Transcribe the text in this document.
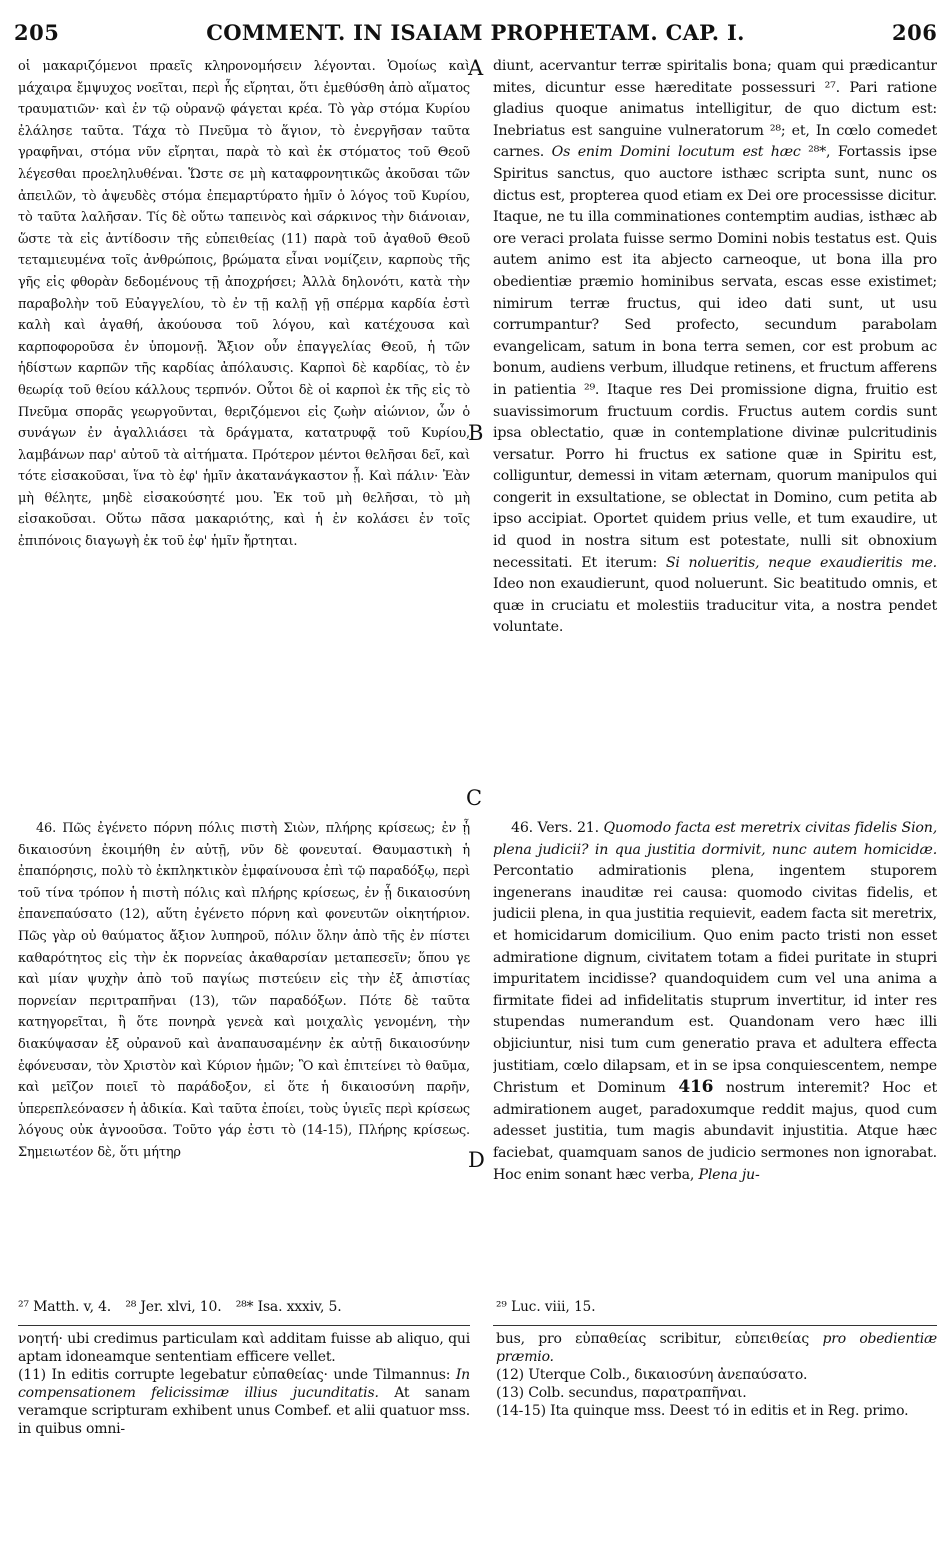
205	COMMENT. IN ISAIAM PROPHETAM. CAP. I.	206

οἱ μακαριζόμενοι πραεῖς κληρονομήσειν λέγονται. Ὁμοίως καὶ μάχαιρα ἔμψυχος νοεῖται, περὶ ἧς εἴρηται, ὅτι ἐμεθύσθη ἀπὸ αἵματος τραυματιῶν· καὶ ἐν τῷ οὐρανῷ φάγεται κρέα. Τὸ γὰρ στόμα Κυρίου ἐλάλησε ταῦτα. Τάχα τὸ Πνεῦμα τὸ ἅγιον, τὸ ἐνεργῆσαν ταῦτα γραφῆναι, στόμα νῦν εἴρηται, παρὰ τὸ καὶ ἐκ στόματος τοῦ Θεοῦ λέγεσθαι προεληλυθέναι. Ὥστε σε μὴ καταφρονητικῶς ἀκοῦσαι τῶν ἀπειλῶν, τὸ ἀψευδὲς στόμα ἐπεμαρτύρατο ἡμῖν ὁ λόγος τοῦ Κυρίου, τὸ ταῦτα λαλῆσαν. Τίς δὲ οὕτω ταπεινὸς καὶ σάρκινος τὴν διάνοιαν, ὥστε τὰ εἰς ἀντίδοσιν τῆς εὐπειθείας (11) παρὰ τοῦ ἀγαθοῦ Θεοῦ τεταμιευμένα τοῖς ἀνθρώποις, βρώματα εἶναι νομίζειν, καρποὺς τῆς γῆς εἰς φθορὰν δεδομένους τῇ ἀποχρήσει; Ἀλλὰ δηλονότι, κατὰ τὴν παραβολὴν τοῦ Εὐαγγελίου, τὸ ἐν τῇ καλῇ γῇ σπέρμα καρδία ἐστὶ καλὴ καὶ ἀγαθή, ἀκούουσα τοῦ λόγου, καὶ κατέχουσα καὶ καρποφοροῦσα ἐν ὑπομονῇ. Ἄξιον οὖν ἐπαγγελίας Θεοῦ, ἡ τῶν ἡδίστων καρπῶν τῆς καρδίας ἀπόλαυσις. Καρποὶ δὲ καρδίας, τὸ ἐν θεωρίᾳ τοῦ θείου κάλλους τερπνόν. Οὗτοι δὲ οἱ καρποὶ ἐκ τῆς εἰς τὸ Πνεῦμα σπορᾶς γεωργοῦνται, θεριζόμενοι εἰς ζωὴν αἰώνιον, ὧν ὁ συνάγων ἐν ἀγαλλιάσει τὰ δράγματα, κατατρυφᾷ τοῦ Κυρίου, λαμβάνων παρ' αὐτοῦ τὰ αἰτήματα. Πρότερον μέντοι θελῆσαι δεῖ, καὶ τότε εἰσακοῦσαι, ἵνα τὸ ἐφ' ἡμῖν ἀκατανάγκαστον ᾖ. Καὶ πάλιν· Ἐὰν μὴ θέλητε, μηδὲ εἰσακούσητέ μου. Ἐκ τοῦ μὴ θελῆσαι, τὸ μὴ εἰσακοῦσαι. Οὕτω πᾶσα μακαριότης, καὶ ἡ ἐν κολάσει ἐν τοῖς ἐπιπόνοις διαγωγὴ ἐκ τοῦ ἐφ' ἡμῖν ἤρτηται.

diunt, acervantur terræ spiritalis bona; quam qui prædicantur mites, dicuntur esse hæreditate possessuri ²⁷. Pari ratione gladius quoque animatus intelligitur, de quo dictum est: Inebriatus est sanguine vulneratorum ²⁸; et, In cœlo comedet carnes. Os enim Domini locutum est hæc ²⁸*, Fortassis ipse Spiritus sanctus, quo auctore isthæc scripta sunt, nunc os dictus est, propterea quod etiam ex Dei ore processisse dicitur. Itaque, ne tu illa comminationes contemptim audias, isthæc ab ore veraci prolata fuisse sermo Domini nobis testatus est. Quis autem animo est ita abjecto carneoque, ut bona illa pro obedientiæ præmio hominibus servata, escas esse existimet; nimirum terræ fructus, qui ideo dati sunt, ut usu corrumpantur? Sed profecto, secundum parabolam evangelicam, satum in bona terra semen, cor est probum ac bonum, audiens verbum, illudque retinens, et fructum afferens in patientia ²⁹. Itaque res Dei promissione digna, fruitio est suavissimorum fructuum cordis. Fructus autem cordis sunt ipsa oblectatio, quæ in contemplatione divinæ pulcritudinis versatur. Porro hi fructus ex satione quæ in Spiritu est, colliguntur, demessi in vitam æternam, quorum manipulos qui congerit in exsultatione, se oblectat in Domino, cum petita ab ipso accipiat. Oportet quidem prius velle, et tum exaudire, ut id quod in nostra situm est potestate, nulli sit obnoxium necessitati. Et iterum: Si nolueritis, neque exaudieritis me. Ideo non exaudierunt, quod noluerunt. Sic beatitudo omnis, et quæ in cruciatu et molestiis traducitur vita, a nostra pendet voluntate.

46. Πῶς ἐγένετο πόρνη πόλις πιστὴ Σιὼν, πλήρης κρίσεως; ἐν ᾗ δικαιοσύνη ἐκοιμήθη ἐν αὐτῇ, νῦν δὲ φονευταί. Θαυμαστικὴ ἡ ἐπαπόρησις, πολὺ τὸ ἐκπληκτικὸν ἐμφαίνουσα ἐπὶ τῷ παραδόξῳ, περὶ τοῦ τίνα τρόπον ἡ πιστὴ πόλις καὶ πλήρης κρίσεως, ἐν ᾗ δικαιοσύνη ἐπανεπαύσατο (12), αὕτη ἐγένετο πόρνη καὶ φονευτῶν οἰκητήριον. Πῶς γὰρ οὐ θαύματος ἄξιον λυπηροῦ, πόλιν ὅλην ἀπὸ τῆς ἐν πίστει καθαρότητος εἰς τὴν ἐκ πορνείας ἀκαθαρσίαν μεταπεσεῖν; ὅπου γε καὶ μίαν ψυχὴν ἀπὸ τοῦ παγίως πιστεύειν εἰς τὴν ἐξ ἀπιστίας πορνείαν περιτραπῆναι (13), τῶν παραδόξων. Πότε δὲ ταῦτα κατηγορεῖται, ἢ ὅτε πονηρὰ γενεὰ καὶ μοιχαλὶς γενομένη, τὴν διακύψασαν ἐξ οὐρανοῦ καὶ ἀναπαυσαμένην ἐκ αὐτῇ δικαιοσύνην ἐφόνευσαν, τὸν Χριστὸν καὶ Κύριον ἡμῶν; Ὃ καὶ ἐπιτείνει τὸ θαῦμα, καὶ μεῖζον ποιεῖ τὸ παράδοξον, εἰ ὅτε ἡ δικαιοσύνη παρῆν, ὑπερεπλεόνασεν ἡ ἀδικία. Καὶ ταῦτα ἐποίει, τοὺς ὑγιεῖς περὶ κρίσεως λόγους οὐκ ἀγνοοῦσα. Τοῦτο γάρ ἐστι τὸ (14-15), Πλήρης κρίσεως. Σημειωτέον δὲ, ὅτι μήτηρ

46. Vers. 21. Quomodo facta est meretrix civitas fidelis Sion, plena judicii? in qua justitia dormivit, nunc autem homicidæ. Percontatio admirationis plena, ingentem stuporem ingenerans inauditæ rei causa: quomodo civitas fidelis, et judicii plena, in qua justitia requievit, eadem facta sit meretrix, et homicidarum domicilium. Quo enim pacto tristi non esset admiratione dignum, civitatem totam a fidei puritate in stupri impuritatem incidisse? quandoquidem cum vel una anima a firmitate fidei ad infidelitatis stuprum invertitur, id inter res stupendas numerandum est. Quandonam vero hæc illi objiciuntur, nisi tum cum generatio prava et adultera effecta justitiam, cœlo dilapsam, et in se ipsa conquiescentem, nempe Christum et Dominum 416 nostrum interemit? Hoc et admirationem auget, paradoxumque reddit majus, quod cum adesset justitia, tum magis abundavit injustitia. Atque hæc faciebat, quamquam sanos de judicio sermones non ignorabat. Hoc enim sonant hæc verba, Plena ju-

A
B
C
D
²⁷ Matth. v, 4. ²⁸ Jer. xlvi, 10. ²⁸* Isa. xxxiv, 5.	²⁹ Luc. viii, 15.

νοητή· ubi credimus particulam καὶ additam fuisse ab aliquo, qui aptam idoneamque sententiam efficere vellet.

(11) In editis corrupte legebatur εὐπαθείας· unde Tilmannus: In compensationem felicissimæ illius jucunditatis. At sanam veramque scripturam exhibent unus Combef. et alii quatuor mss. in quibus omni-

bus, pro εὐπαθείας scribitur, εὐπειθείας pro obedientiæ præmio.

(12) Uterque Colb., δικαιοσύνη ἀνεπαύσατο.

(13) Colb. secundus, παρατραπῆναι.

(14-15) Ita quinque mss. Deest τό in editis et in Reg. primo.
